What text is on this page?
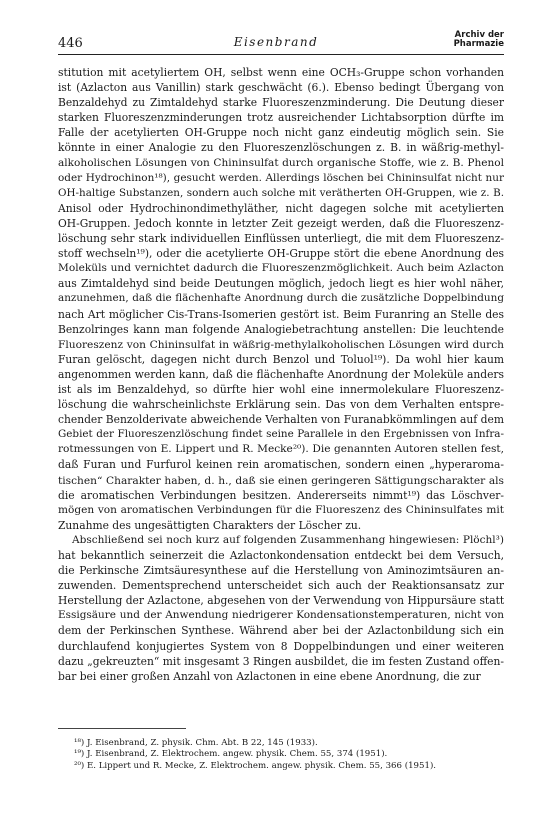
446	Eisenbrand	Archiv der
Pharmazie
stitution mit acetyliertem OH, selbst wenn eine OCH₃-Gruppe schon vorhanden
ist (Azlacton aus Vanillin) stark geschwächt (6.). Ebenso bedingt Übergang von
Benzaldehyd zu Zimtaldehyd starke Fluoreszenzminderung. Die Deutung dieser
starken Fluoreszenzminderungen trotz ausreichender Lichtabsorption dürfte im
Falle der acetylierten OH-Gruppe noch nicht ganz eindeutig möglich sein. Sie
könnte in einer Analogie zu den Fluoreszenzlöschungen z. B. in wäßrig-methyl-
alkoholischen Lösungen von Chininsulfat durch organische Stoffe, wie z. B. Phenol
oder Hydrochinon¹⁸), gesucht werden. Allerdings löschen bei Chininsulfat nicht nur
OH-haltige Substanzen, sondern auch solche mit verätherten OH-Gruppen, wie z. B.
Anisol oder Hydrochinondimethyläther, nicht dagegen solche mit acetylierten
OH-Gruppen. Jedoch konnte in letzter Zeit gezeigt werden, daß die Fluoreszenz-
löschung sehr stark individuellen Einflüssen unterliegt, die mit dem Fluoreszenz-
stoff wechseln¹⁹), oder die acetylierte OH-Gruppe stört die ebene Anordnung des
Moleküls und vernichtet dadurch die Fluoreszenzmöglichkeit. Auch beim Azlacton
aus Zimtaldehyd sind beide Deutungen möglich, jedoch liegt es hier wohl näher,
anzunehmen, daß die flächenhafte Anordnung durch die zusätzliche Doppelbindung
nach Art möglicher Cis-Trans-Isomerien gestört ist. Beim Furanring an Stelle des
Benzolringes kann man folgende Analogiebetrachtung anstellen: Die leuchtende
Fluoreszenz von Chininsulfat in wäßrig-methylalkoholischen Lösungen wird durch
Furan gelöscht, dagegen nicht durch Benzol und Toluol¹⁹). Da wohl hier kaum
angenommen werden kann, daß die flächenhafte Anordnung der Moleküle anders
ist als im Benzaldehyd, so dürfte hier wohl eine innermolekulare Fluoreszenz-
löschung die wahrscheinlichste Erklärung sein. Das von dem Verhalten entspre-
chender Benzolderivate abweichende Verhalten von Furanabkömmlingen auf dem
Gebiet der Fluoreszenzlöschung findet seine Parallele in den Ergebnissen von Infra-
rotmessungen von E. Lippert und R. Mecke²⁰). Die genannten Autoren stellen fest,
daß Furan und Furfurol keinen rein aromatischen, sondern einen „hyperaroma-
tischen“ Charakter haben, d. h., daß sie einen geringeren Sättigungscharakter als
die aromatischen Verbindungen besitzen. Andererseits nimmt¹⁹) das Löschver-
mögen von aromatischen Verbindungen für die Fluoreszenz des Chininsulfates mit
Zunahme des ungesättigten Charakters der Löscher zu.
Abschließend sei noch kurz auf folgenden Zusammenhang hingewiesen: Plöchl³)
hat bekanntlich seinerzeit die Azlactonkondensation entdeckt bei dem Versuch,
die Perkinsche Zimtsäuresynthese auf die Herstellung von Aminozimtsäuren an-
zuwenden. Dementsprechend unterscheidet sich auch der Reaktionsansatz zur
Herstellung der Azlactone, abgesehen von der Verwendung von Hippursäure statt
Essigsäure und der Anwendung niedrigerer Kondensationstemperaturen, nicht von
dem der Perkinschen Synthese. Während aber bei der Azlactonbildung sich ein
durchlaufend konjugiertes System von 8 Doppelbindungen und einer weiteren
dazu „gekreuzten“ mit insgesamt 3 Ringen ausbildet, die im festen Zustand offen-
bar bei einer großen Anzahl von Azlactonen in eine ebene Anordnung, die zur
¹⁸) J. Eisenbrand, Z. physik. Chm. Abt. B 22, 145 (1933).
¹⁹) J. Eisenbrand, Z. Elektrochem. angew. physik. Chem. 55, 374 (1951).
²⁰) E. Lippert und R. Mecke, Z. Elektrochem. angew. physik. Chem. 55, 366 (1951).
